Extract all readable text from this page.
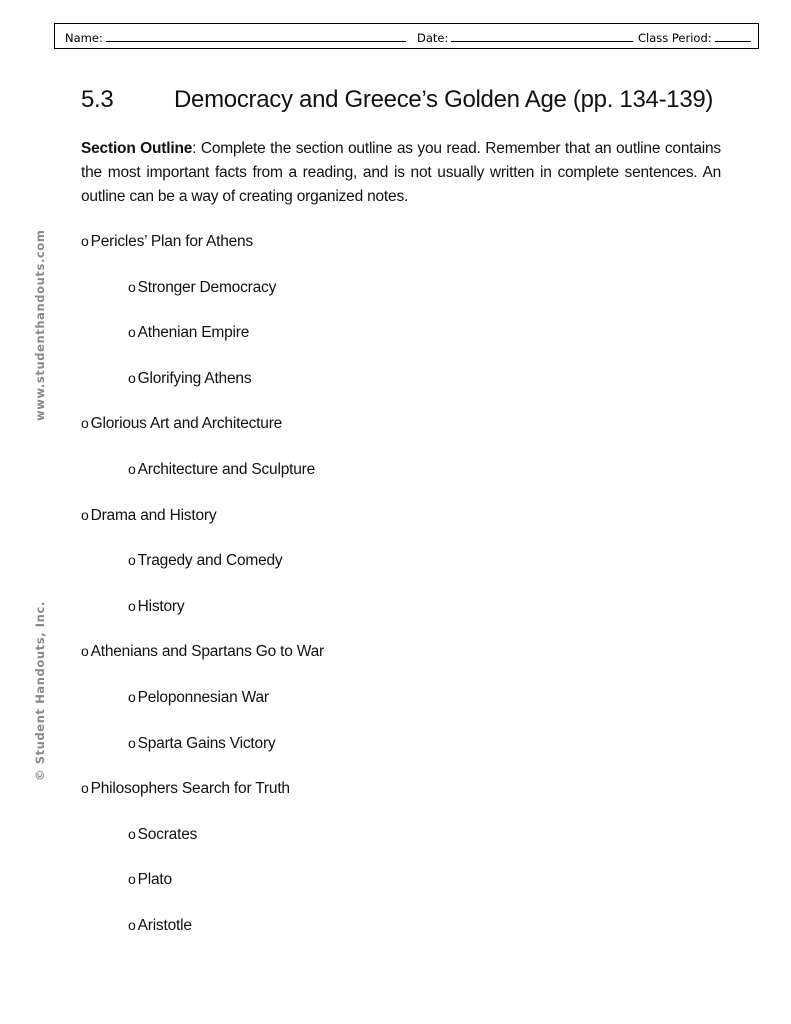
Name:	Date:	Class Period:
5.3	Democracy and Greece’s Golden Age (pp. 134-139)
Section Outline: Complete the section outline as you read. Remember that an outline contains the most important facts from a reading, and is not usually written in complete sentences. An outline can be a way of creating organized notes.
www.studenthandouts.com
© Student Handouts, Inc.
o Pericles’ Plan for Athens
o Stronger Democracy
o Athenian Empire
o Glorifying Athens
o Glorious Art and Architecture
o Architecture and Sculpture
o Drama and History
o Tragedy and Comedy
o History
o Athenians and Spartans Go to War
o Peloponnesian War
o Sparta Gains Victory
o Philosophers Search for Truth
o Socrates
o Plato
o Aristotle
